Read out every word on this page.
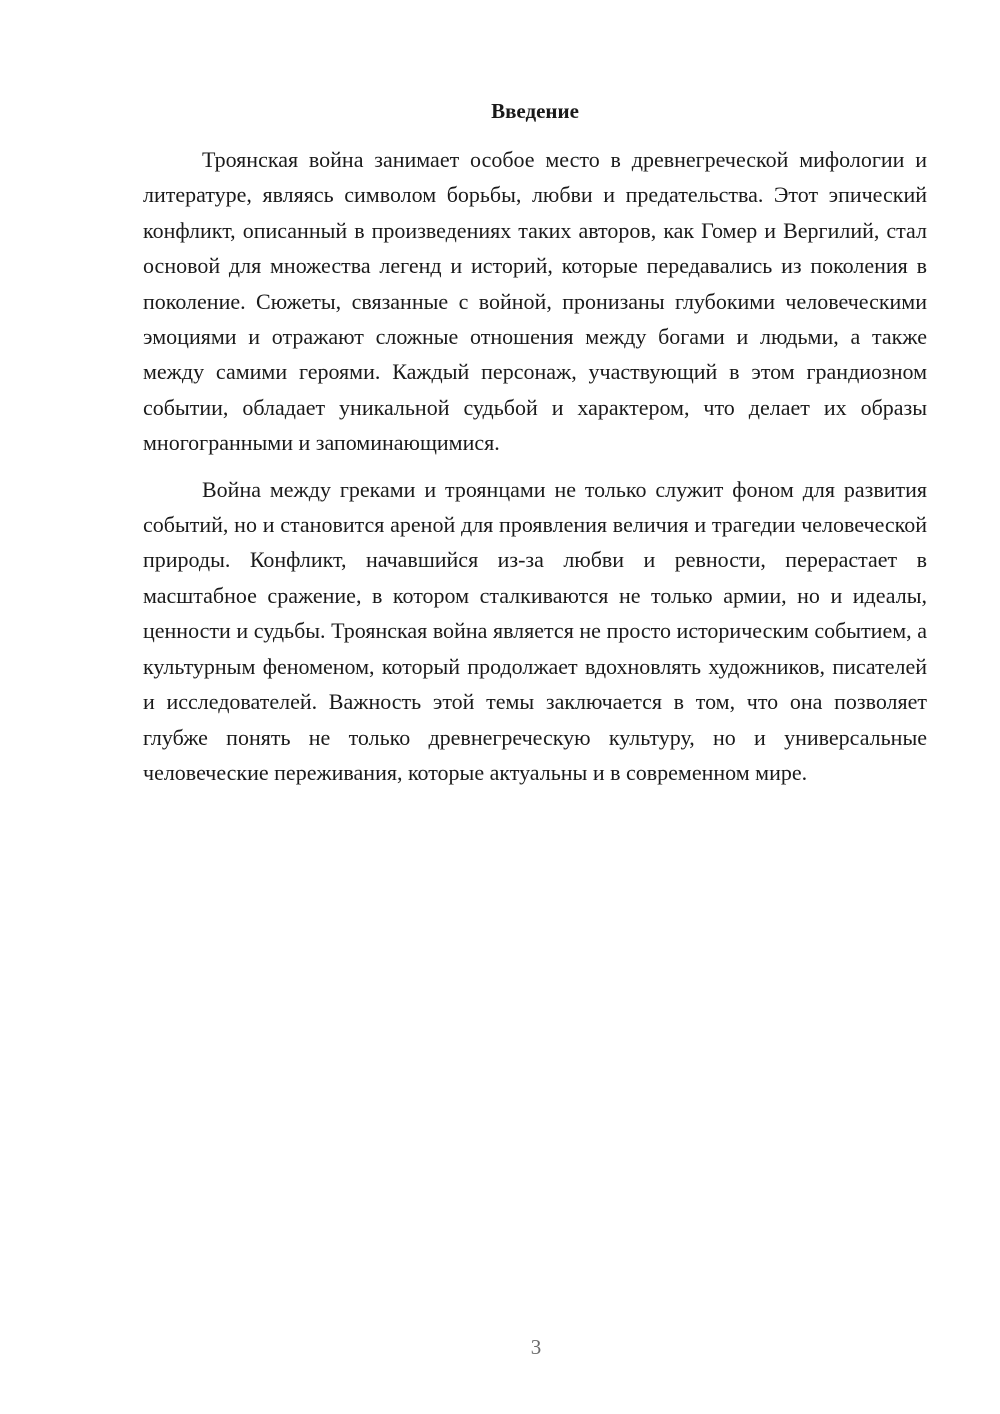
Введение

Троянская война занимает особое место в древнегреческой мифологии и литературе, являясь символом борьбы, любви и предательства. Этот эпический конфликт, описанный в произведениях таких авторов, как Гомер и Вергилий, стал основой для множества легенд и историй, которые передавались из поколения в поколение. Сюжеты, связанные с войной, пронизаны глубокими человеческими эмоциями и отражают сложные отношения между богами и людьми, а также между самими героями. Каждый персонаж, участвующий в этом грандиозном событии, обладает уникальной судьбой и характером, что делает их образы многогранными и запоминающимися.

Война между греками и троянцами не только служит фоном для развития событий, но и становится ареной для проявления величия и трагедии человеческой природы. Конфликт, начавшийся из-за любви и ревности, перерастает в масштабное сражение, в котором сталкиваются не только армии, но и идеалы, ценности и судьбы. Троянская война является не просто историческим событием, а культурным феноменом, который продолжает вдохновлять художников, писателей и исследователей. Важность этой темы заключается в том, что она позволяет глубже понять не только древнегреческую культуру, но и универсальные человеческие переживания, которые актуальны и в современном мире.

3
